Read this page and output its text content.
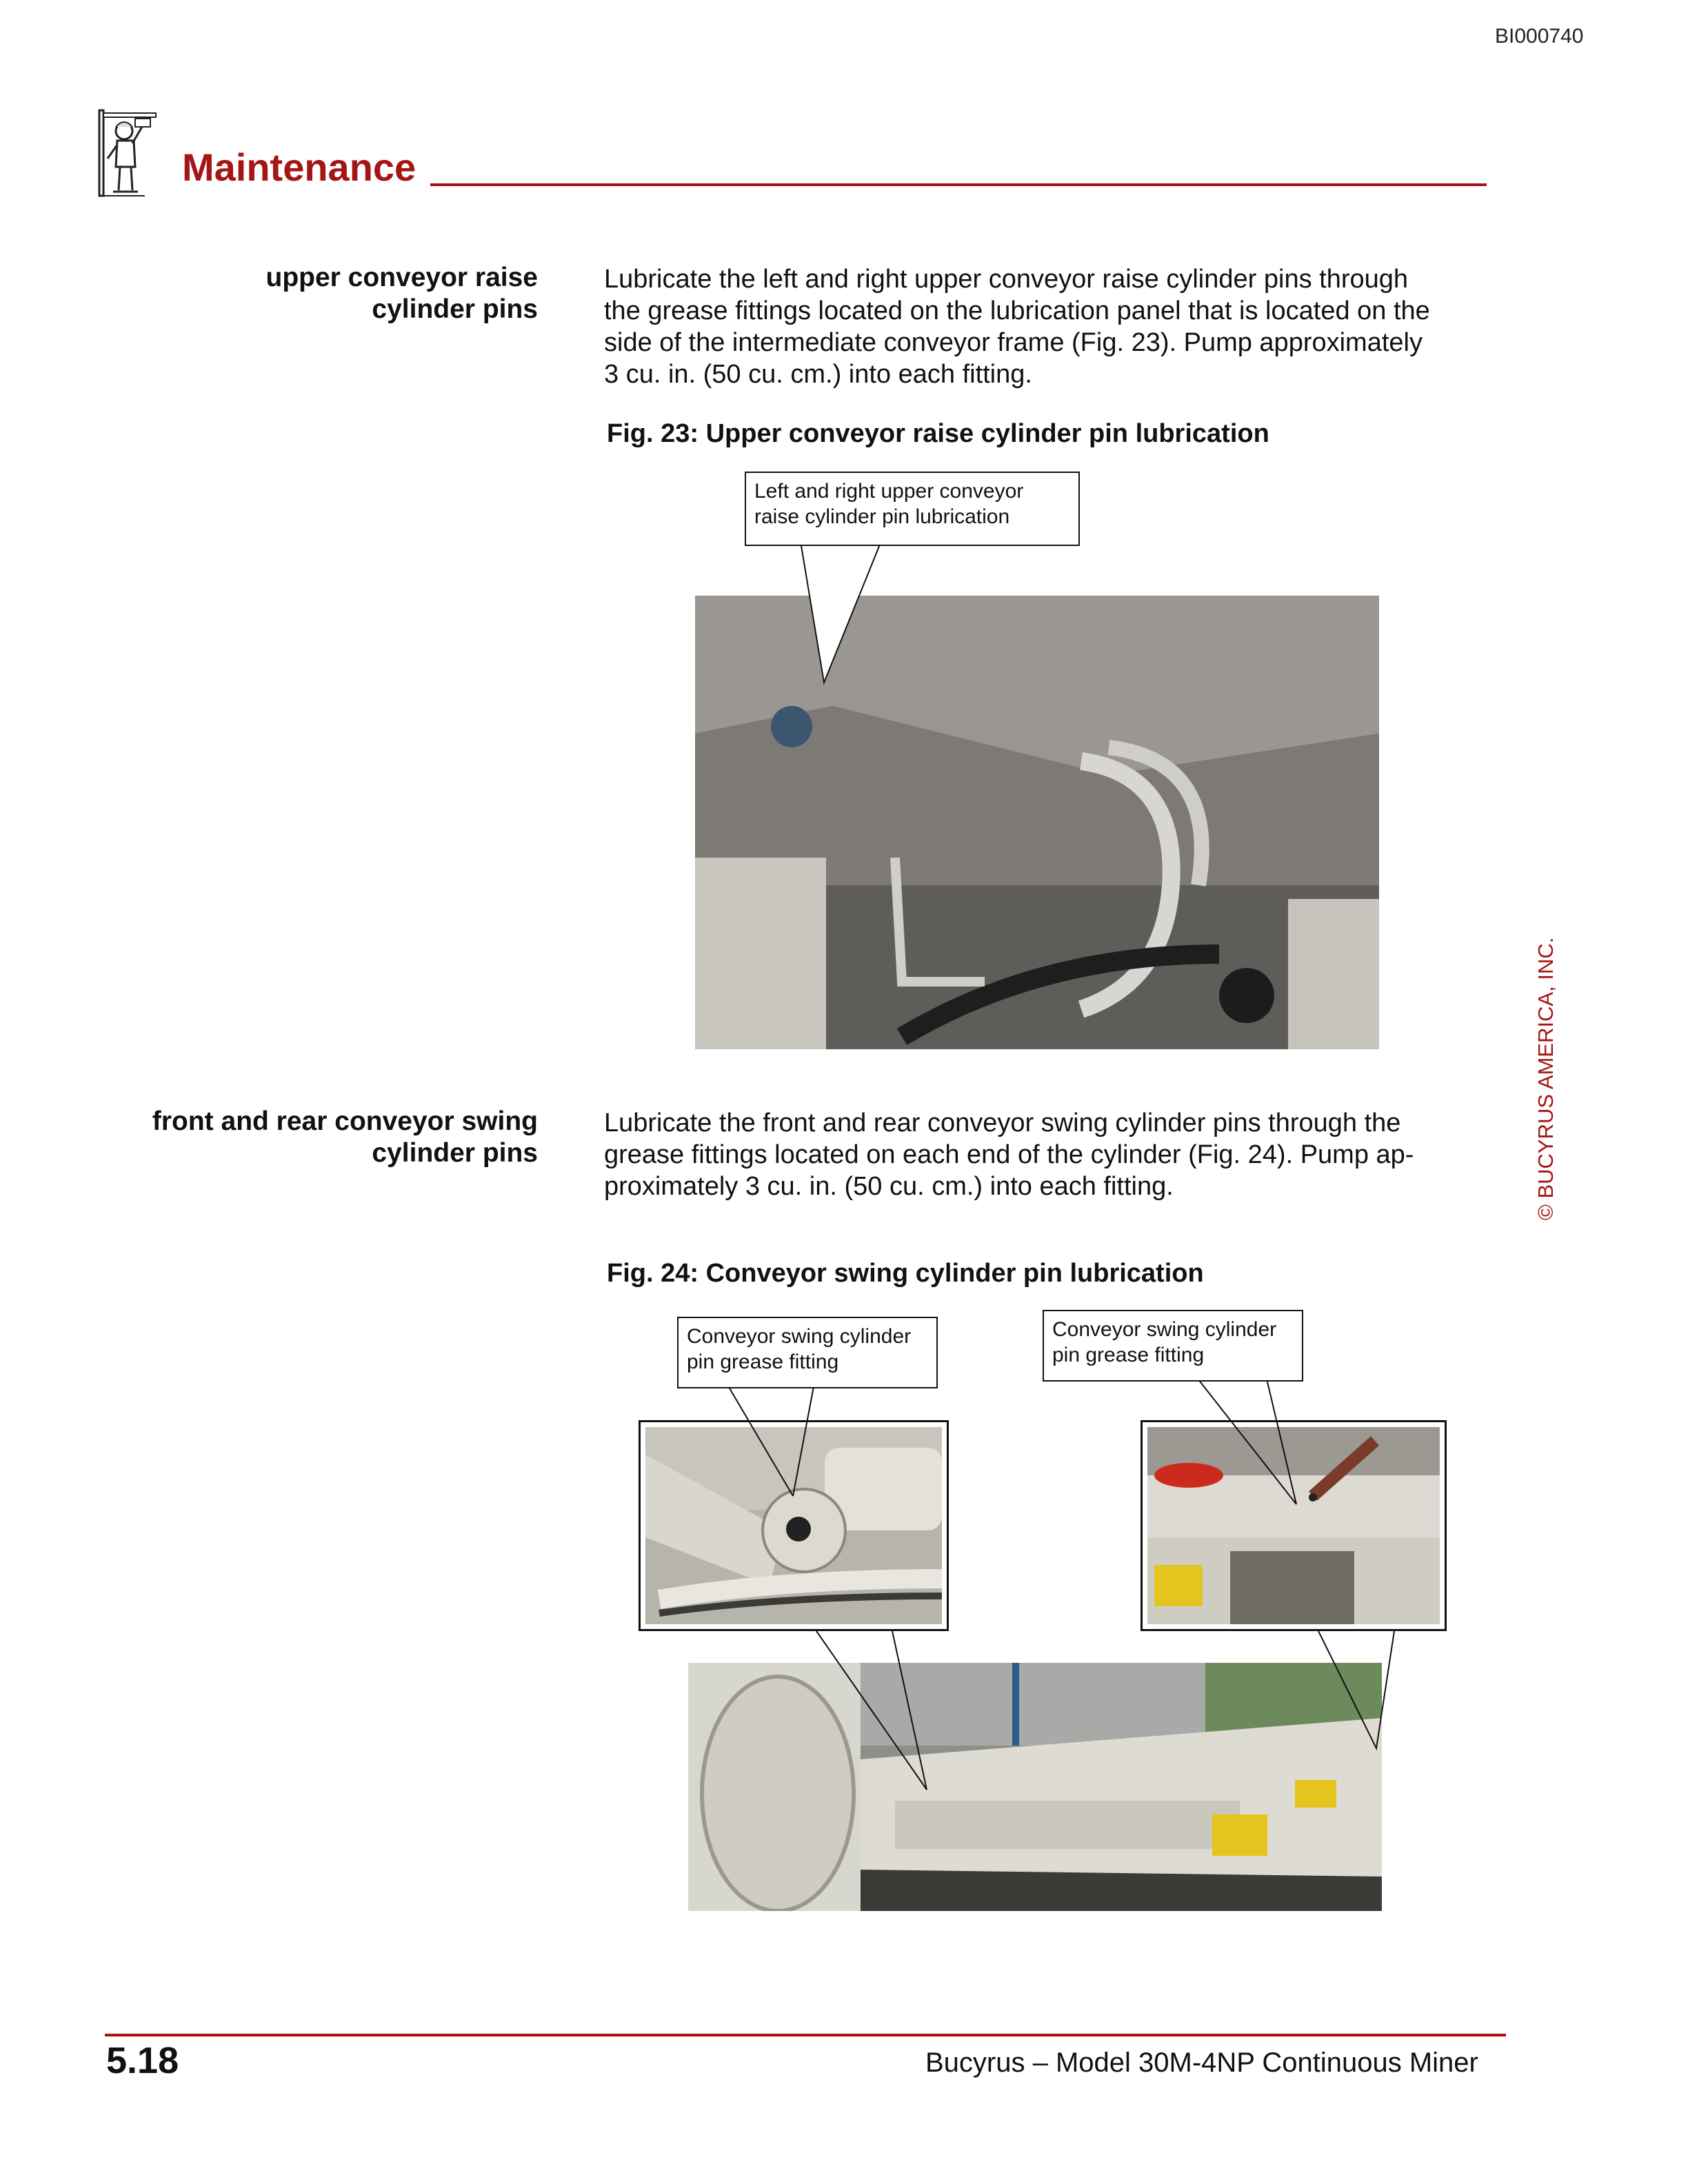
BI000740
Maintenance
© BUCYRUS AMERICA, INC.
upper conveyor raise
cylinder pins
Lubricate the left and right upper conveyor raise cylinder pins through
the grease fittings located on the lubrication panel that is located on the
side of the intermediate conveyor frame (Fig. 23). Pump approximately
3 cu. in. (50 cu. cm.) into each fitting.
Fig. 23: Upper conveyor raise cylinder pin lubrication
Left and right upper conveyor
raise cylinder pin lubrication
front and rear conveyor swing
cylinder pins
Lubricate the front and rear conveyor swing cylinder pins through the
grease fittings located on each end of the cylinder (Fig. 24). Pump ap-
proximately 3 cu. in. (50 cu. cm.) into each fitting.
Fig. 24: Conveyor swing cylinder pin lubrication
Conveyor swing cylinder
pin grease fitting
Conveyor swing cylinder
pin grease fitting
5.18	Bucyrus – Model 30M-4NP Continuous Miner
